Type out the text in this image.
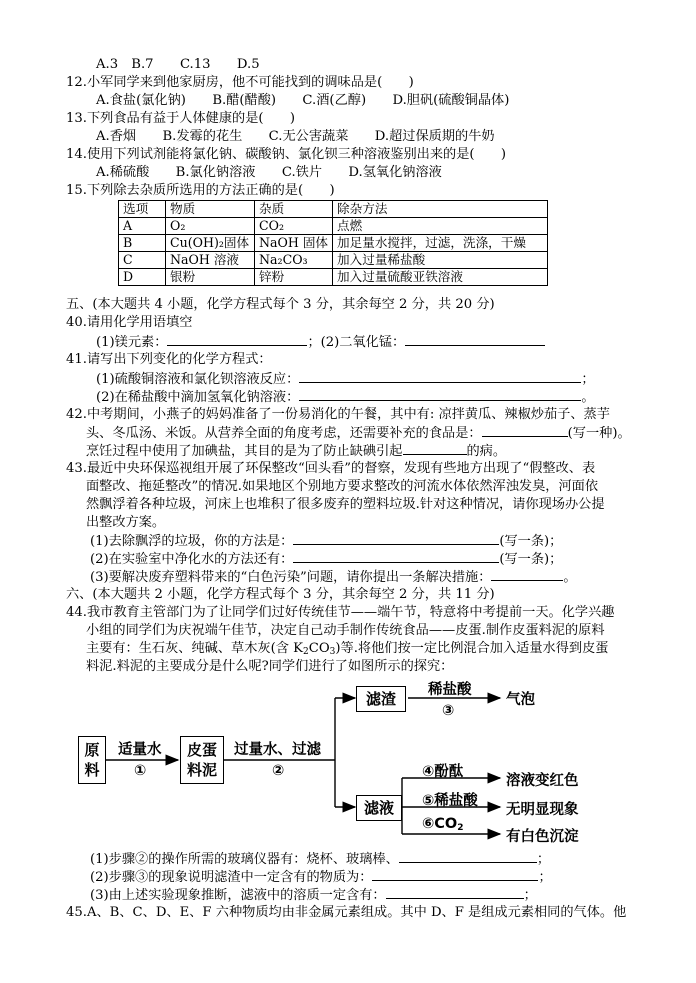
A.3　B.7　　C.13　　D.5
12.小军同学来到他家厨房，他不可能找到的调味品是(　　)
A.食盐(氯化钠)　　B.醋(醋酸)　　C.酒(乙醇)　　D.胆矾(硫酸铜晶体)
13.下列食品有益于人体健康的是(　　)
A.香烟　　B.发霉的花生　　C.无公害蔬菜　　D.超过保质期的牛奶
14.使用下列试剂能将氯化钠、碳酸钠、氯化钡三种溶液鉴别出来的是(　　)
A.稀硫酸　　B.氯化钠溶液　　C.铁片　　D.氢氧化钠溶液
15.下列除去杂质所选用的方法正确的是(　　)
选项	物质	杂质	除杂方法
A	O₂	CO₂	点燃
B	Cu(OH)₂固体	NaOH 固体	加足量水搅拌，过滤，洗涤，干燥
C	NaOH 溶液	Na₂CO₃	加入过量稀盐酸
D	银粉	锌粉	加入过量硫酸亚铁溶液
五、(本大题共 4 小题，化学方程式每个 3 分，其余每空 2 分，共 20 分)
40.请用化学用语填空
(1)镁元素：	；(2)二氧化锰：
41.请写出下列变化的化学方程式：
(1)硫酸铜溶液和氯化钡溶液反应：	；
(2)在稀盐酸中滴加氢氧化钠溶液：	。
42.中考期间，小燕子的妈妈准备了一份易消化的午餐，其中有: 凉拌黄瓜、辣椒炒茄子、蒸芋
头、冬瓜汤、米饭。从营养全面的角度考虑，还需要补充的食品是：	(写一种)。
烹饪过程中使用了加碘盐，其目的是为了防止缺碘引起	的病。
43.最近中央环保巡视组开展了环保整改“回头看”的督察，发现有些地方出现了“假整改、表
面整改、拖延整改”的情况.如果地区个别地方要求整改的河流水体依然浑浊发臭，河面依
然飘浮着各种垃圾，河床上也堆积了很多废弃的塑料垃圾.针对这种情况，请你现场办公提
出整改方案。
(1)去除飘浮的垃圾，你的方法是：	(写一条)；
(2)在实验室中净化水的方法还有：	(写一条)；
(3)要解决废弃塑料带来的“白色污染”问题，请你提出一条解决措施：	。
六、(本大题共 2 小题，化学方程式每个 3 分，其余每空 2 分，共 11 分)
44.我市教育主管部门为了让同学们过好传统佳节——端午节，特意将中考提前一天。化学兴趣
小组的同学们为庆祝端午佳节，决定自己动手制作传统食品——皮蛋.制作皮蛋料泥的原料
主要有：生石灰、纯碱、草木灰(含 $K_2CO_3$)等.将他们按一定比例混合加入适量水得到皮蛋
料泥.料泥的主要成分是什么呢?同学们进行了如图所示的探究：
原
料
皮蛋
料泥
滤渣
滤液
适量水
①
过量水、过滤
②
稀盐酸
③
气泡
④酚酞
⑤稀盐酸
$⑥CO_2$
溶液变红色
无明显现象
有白色沉淀
(1)步骤②的操作所需的玻璃仪器有：烧杯、玻璃棒、	；
(2)步骤③的现象说明滤渣中一定含有的物质为：	；
(3)由上述实验现象推断，滤液中的溶质一定含有：	；
45.A、B、C、D、E、F 六种物质均由非金属元素组成。其中 D、F 是组成元素相同的气体。他
